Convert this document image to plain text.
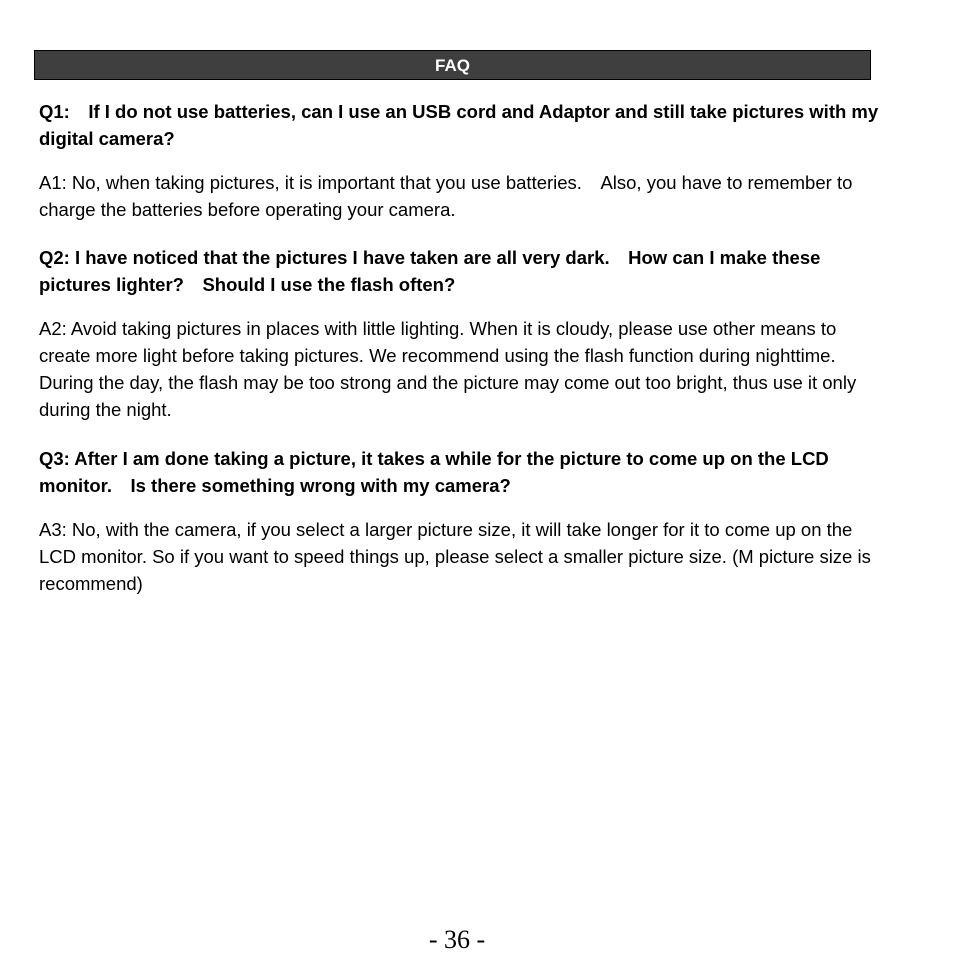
FAQ

Q1:　If I do not use batteries, can I use an USB cord and Adaptor and still take pictures with my digital camera?

A1: No, when taking pictures, it is important that you use batteries.　Also, you have to remember to charge the batteries before operating your camera.

Q2: I have noticed that the pictures I have taken are all very dark.　How can I make these pictures lighter?　Should I use the flash often?

A2: Avoid taking pictures in places with little lighting. When it is cloudy, please use other means to create more light before taking pictures. We recommend using the flash function during nighttime. During the day, the flash may be too strong and the picture may come out too bright, thus use it only during the night.

Q3: After I am done taking a picture, it takes a while for the picture to come up on the LCD monitor.　Is there something wrong with my camera?

A3: No, with the camera, if you select a larger picture size, it will take longer for it to come up on the LCD monitor. So if you want to speed things up, please select a smaller picture size. (M picture size is recommend)

- 36 -
